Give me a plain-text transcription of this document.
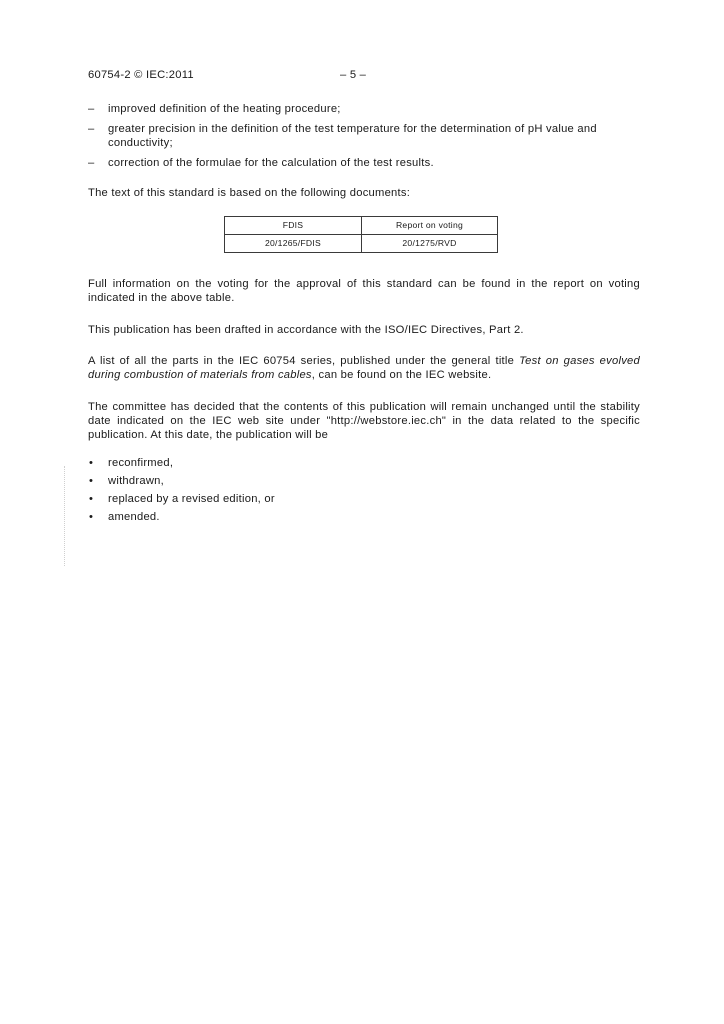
60754-2 © IEC:2011	– 5 –
– improved definition of the heating procedure;
– greater precision in the definition of the test temperature for the determination of pH value and conductivity;
– correction of the formulae for the calculation of the test results.

The text of this standard is based on the following documents:

FDIS	Report on voting
20/1265/FDIS	20/1275/RVD

Full information on the voting for the approval of this standard can be found in the report on voting indicated in the above table.

This publication has been drafted in accordance with the ISO/IEC Directives, Part 2.

A list of all the parts in the IEC 60754 series, published under the general title Test on gases evolved during combustion of materials from cables, can be found on the IEC website.

The committee has decided that the contents of this publication will remain unchanged until the stability date indicated on the IEC web site under "http://webstore.iec.ch" in the data related to the specific publication. At this date, the publication will be

• reconfirmed,
• withdrawn,
• replaced by a revised edition, or
• amended.
